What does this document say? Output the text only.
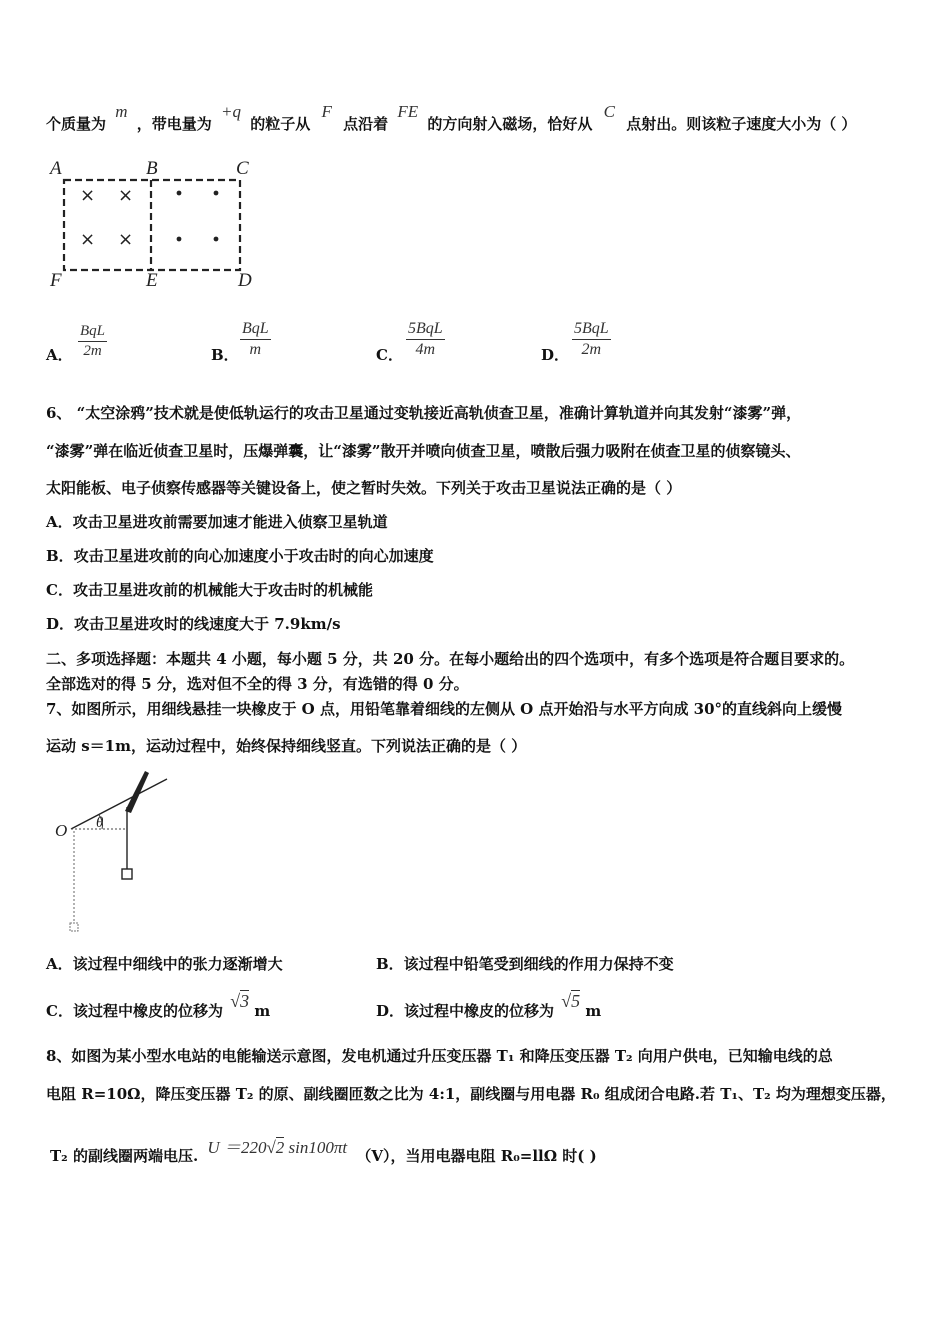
个质量为 m ，带电量为 +q 的粒子从 F 点沿着 FE 的方向射入磁场，恰好从 C 点射出。则该粒子速度大小为（ ）
A	B	C
D
E
F
× ×
× ×
A．
BqL
2m	B．
BqL
m	C．
5BqL
4m	D．
5BqL
2m
6、 “太空涂鸦”技术就是使低轨运行的攻击卫星通过变轨接近高轨侦查卫星，准确计算轨道并向其发射“漆雾”弹，
“漆雾”弹在临近侦查卫星时，压爆弹囊，让“漆雾”散开并喷向侦查卫星，喷散后强力吸附在侦查卫星的侦察镜头、
太阳能板、电子侦察传感器等关键设备上，使之暂时失效。下列关于攻击卫星说法正确的是（ ）
A．攻击卫星进攻前需要加速才能进入侦察卫星轨道
B．攻击卫星进攻前的向心加速度小于攻击时的向心加速度
C．攻击卫星进攻前的机械能大于攻击时的机械能
D．攻击卫星进攻时的线速度大于 7.9km/s
二、多项选择题：本题共 4 小题，每小题 5 分，共 20 分。在每小题给出的四个选项中，有多个选项是符合题目要求的。
全部选对的得 5 分，选对但不全的得 3 分，有选错的得 0 分。
7、如图所示，用细线悬挂一块橡皮于 O 点，用铅笔靠着细线的左侧从 O 点开始沿与水平方向成 30°的直线斜向上缓慢
运动 s＝1m，运动过程中，始终保持细线竖直。下列说法正确的是（ ）
O θ
A．该过程中细线中的张力逐渐增大	B．该过程中铅笔受到细线的作用力保持不变
C．该过程中橡皮的位移为 √3 m	D．该过程中橡皮的位移为 √5 m
8、如图为某小型水电站的电能输送示意图，发电机通过升压变压器 T₁ 和降压变压器 T₂ 向用户供电，已知输电线的总
电阻 R=10Ω，降压变压器 T₂ 的原、副线圈匝数之比为 4:1，副线圈与用电器 R₀ 组成闭合电路.若 T₁、T₂ 均为理想变压器，
T₂ 的副线圈两端电压. U ＝220√2 sin100πt （V），当用电器电阻 R₀=llΩ 时( )
